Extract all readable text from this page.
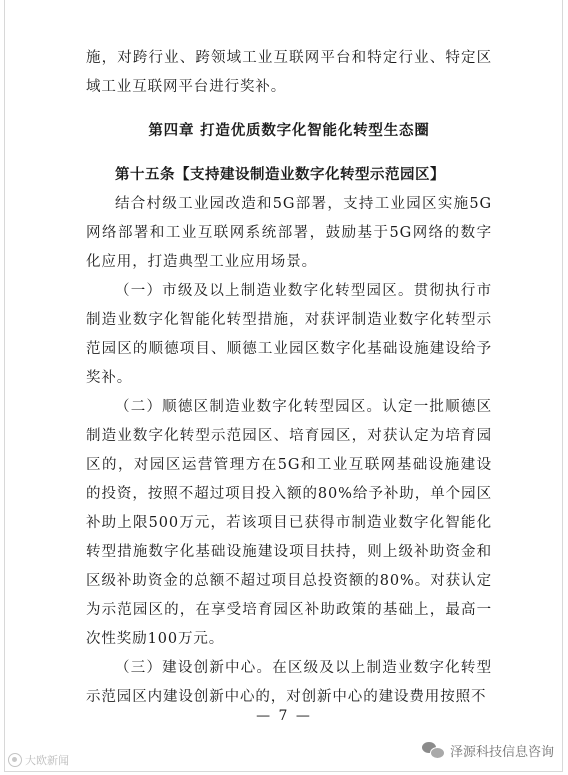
施，对跨行业、跨领域工业互联网平台和特定行业、特定区域工业互联网平台进行奖补。

第四章 打造优质数字化智能化转型生态圈

第十五条【支持建设制造业数字化转型示范园区】

结合村级工业园改造和5G部署，支持工业园区实施5G网络部署和工业互联网系统部署，鼓励基于5G网络的数字化应用，打造典型工业应用场景。

（一）市级及以上制造业数字化转型园区。贯彻执行市制造业数字化智能化转型措施，对获评制造业数字化转型示范园区的顺德项目、顺德工业园区数字化基础设施建设给予奖补。

（二）顺德区制造业数字化转型园区。认定一批顺德区制造业数字化转型示范园区、培育园区，对获认定为培育园区的，对园区运营管理方在5G和工业互联网基础设施建设的投资，按照不超过项目投入额的80%给予补助，单个园区补助上限500万元，若该项目已获得市制造业数字化智能化转型措施数字化基础设施建设项目扶持，则上级补助资金和区级补助资金的总额不超过项目总投资额的80%。对获认定为示范园区的，在享受培育园区补助政策的基础上，最高一次性奖励100万元。

（三）建设创新中心。在区级及以上制造业数字化转型示范园区内建设创新中心的，对创新中心的建设费用按照不

— 7 —
大欧新闻
泽源科技信息咨询
